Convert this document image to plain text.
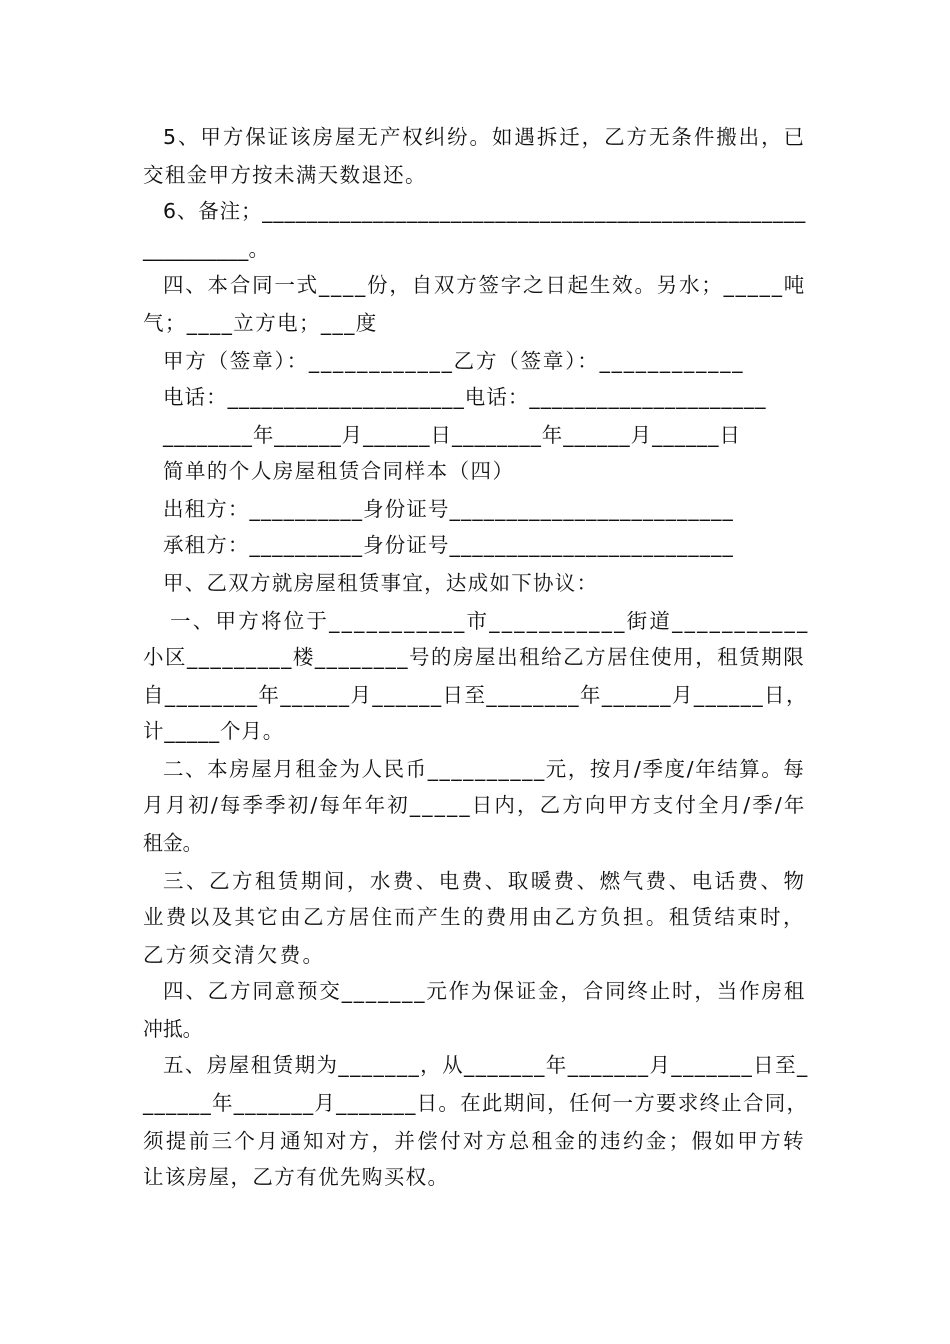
5、甲方保证该房屋无产权纠纷。如遇拆迁，乙方无条件搬出，已
交租金甲方按未满天数退还。
6、备注；_________________________________________________
__________。
四、本合同一式____份，自双方签字之日起生效。另水；_____吨
气；____立方电；___度
甲方（签章）：____________乙方（签章）：____________
电话：_____________________电话：_____________________
________年______月______日________年______月______日
简单的个人房屋租赁合同样本（四）
出租方：__________身份证号_________________________
承租方：__________身份证号_________________________
甲、乙双方就房屋租赁事宜，达成如下协议：
一、甲方将位于___________市___________街道___________
小区_________楼________号的房屋出租给乙方居住使用，租赁期限
自________年______月______日至________年______月______日，
计_____个月。
二、本房屋月租金为人民币__________元，按月/季度/年结算。每
月月初/每季季初/每年年初_____日内，乙方向甲方支付全月/季/年
租金。
三、乙方租赁期间，水费、电费、取暖费、燃气费、电话费、物
业费以及其它由乙方居住而产生的费用由乙方负担。租赁结束时，
乙方须交清欠费。
四、乙方同意预交_______元作为保证金，合同终止时，当作房租
冲抵。
五、房屋租赁期为_______，从_______年_______月_______日至_
______年_______月_______日。在此期间，任何一方要求终止合同，
须提前三个月通知对方，并偿付对方总租金的违约金；假如甲方转
让该房屋，乙方有优先购买权。
